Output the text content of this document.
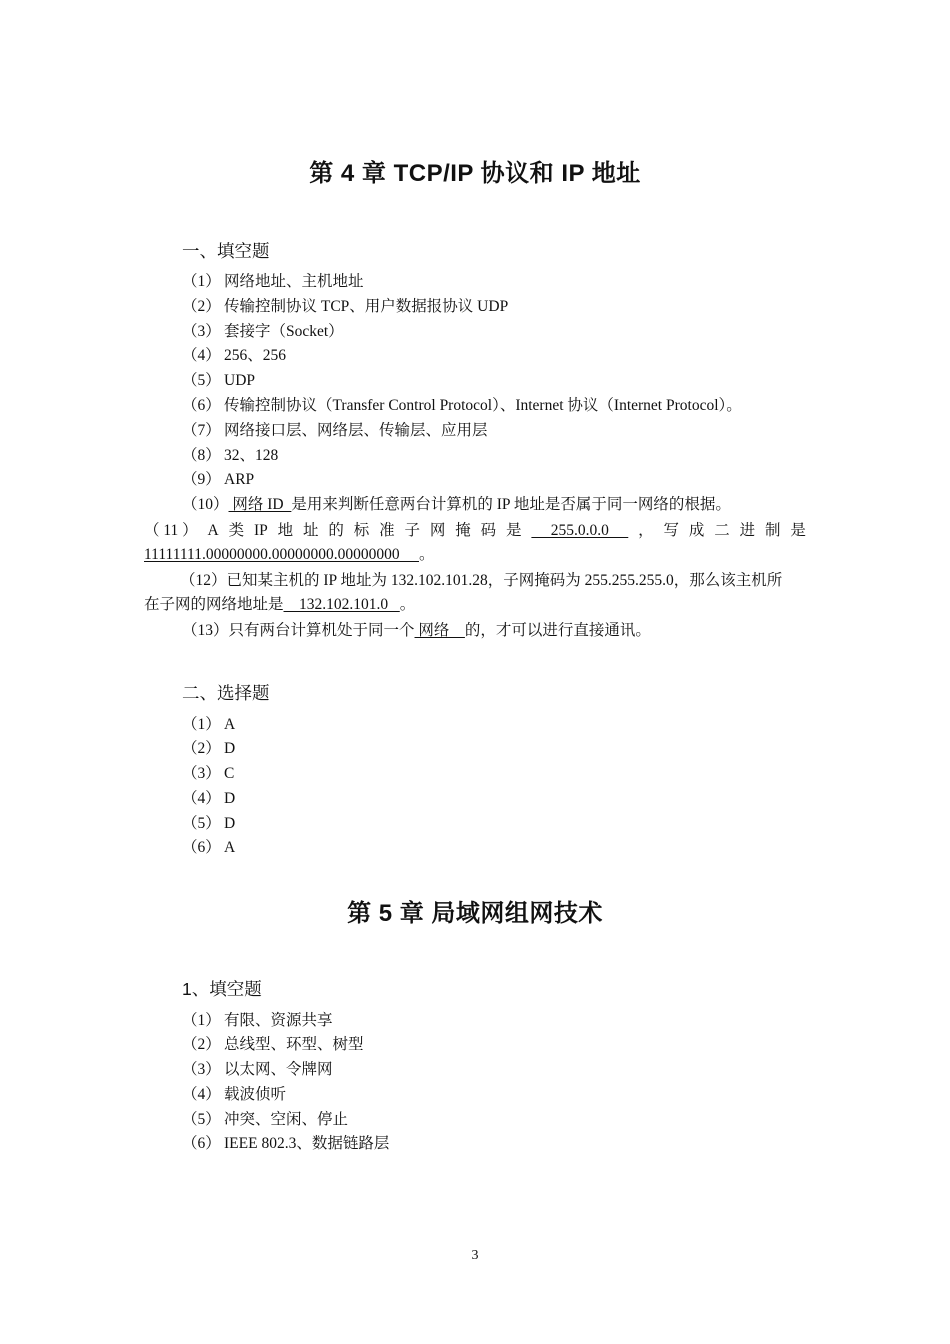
第 4 章 TCP/IP 协议和 IP 地址
一、填空题
（1） 网络地址、主机地址
（2） 传输控制协议 TCP、用户数据报协议 UDP
（3） 套接字（Socket）
（4） 256、256
（5） UDP
（6） 传输控制协议（Transfer Control Protocol）、Internet 协议（Internet Protocol）。
（7） 网络接口层、网络层、传输层、应用层
（8） 32、128
（9） ARP
（10） 网络 ID  是用来判断任意两台计算机的 IP 地址是否属于同一网络的根据。
（ 11 ） A 类 IP 地 址 的 标 准 子 网 掩 码 是 255.0.0.0 ， 写 成 二 进 制 是
11111111.00000000.00000000.00000000     。
（12）已知某主机的 IP 地址为 132.102.101.28，子网掩码为 255.255.255.0，那么该主机所
在子网的网络地址是    132.102.101.0   。
（13）只有两台计算机处于同一个 网络    的，才可以进行直接通讯。
二、选择题
（1） A
（2） D
（3） C
（4） D
（5） D
（6） A
第 5 章 局域网组网技术
1、填空题
（1） 有限、资源共享
（2） 总线型、环型、树型
（3） 以太网、令牌网
（4） 载波侦听
（5） 冲突、空闲、停止
（6） IEEE 802.3、数据链路层
3
